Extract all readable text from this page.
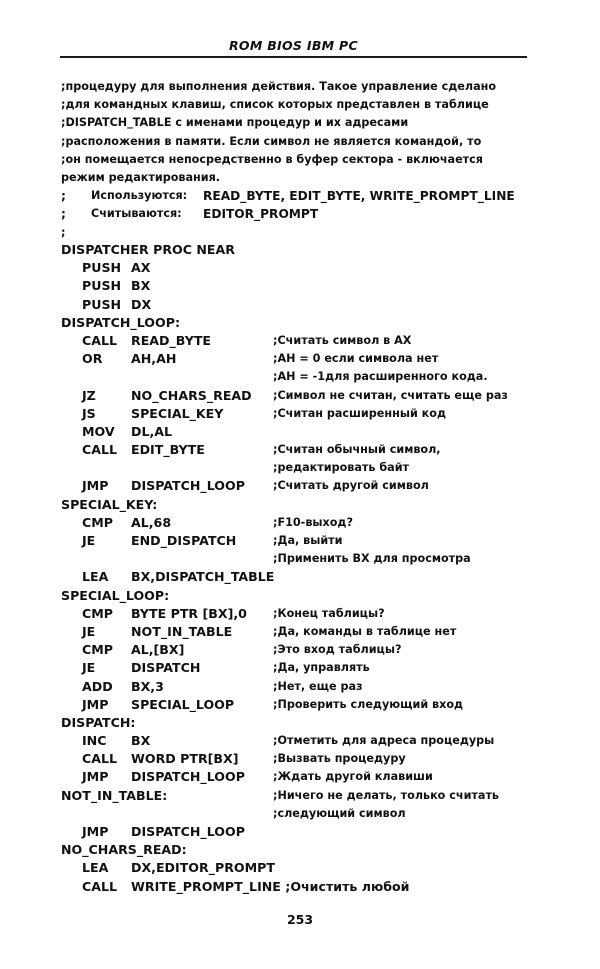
ROM BIOS IBM PC
;процедуру для выполнения действия. Такое управление сделано
;для командных клавиш, список которых представлен в таблице
;DISPATCH_TABLE с именами процедур и их адресами
;расположения в памяти. Если символ не является командой, то
;он помещается непосредственно в буфер сектора - включается
режим редактирования.
; Используются: READ_BYTE, EDIT_BYTE, WRITE_PROMPT_LINE
; Считываются: EDITOR_PROMPT
;
DISPATCHER PROC NEAR
PUSH AX
PUSH BX
PUSH DX
DISPATCH_LOOP:
CALL READ_BYTE	;Считать символ в AX
OR AH,AH	;AH = 0 если символа нет
;AH = -1для расширенного кода.
JZ	NO_CHARS_READ ;Символ не считан, считать еще раз
JS	SPECIAL_KEY	;Считан расширенный код
MOV DL,AL
CALL EDIT_BYTE	;Считан обычный символ,
;редактировать байт
JMP DISPATCH_LOOP	;Считать другой символ
SPECIAL_KEY:
CMP AL,68	;F10-выход?
JE	END_DISPATCH	;Да, выйти
;Применить BX для просмотра
LEA BX,DISPATCH_TABLE
SPECIAL_LOOP:
CMP BYTE PTR [BX],0 ;Конец таблицы?
JE	NOT_IN_TABLE	;Да, команды в таблице нет
CMP AL,[BX]	;Это вход таблицы?
JE	DISPATCH	;Да, управлять
ADD BX,3	;Нет, еще раз
JMP SPECIAL_LOOP	;Проверить следующий вход
DISPATCH:
INC BX	;Отметить для адреса процедуры
CALL WORD PTR[BX]	;Вызвать процедуру
JMP DISPATCH_LOOP	;Ждать другой клавиши
NOT_IN_TABLE:	;Ничего не делать, только считать
;следующий символ
JMP DISPATCH_LOOP
NO_CHARS_READ:
LEA DX,EDITOR_PROMPT
CALL WRITE_PROMPT_LINE ;Очистить любой
253
